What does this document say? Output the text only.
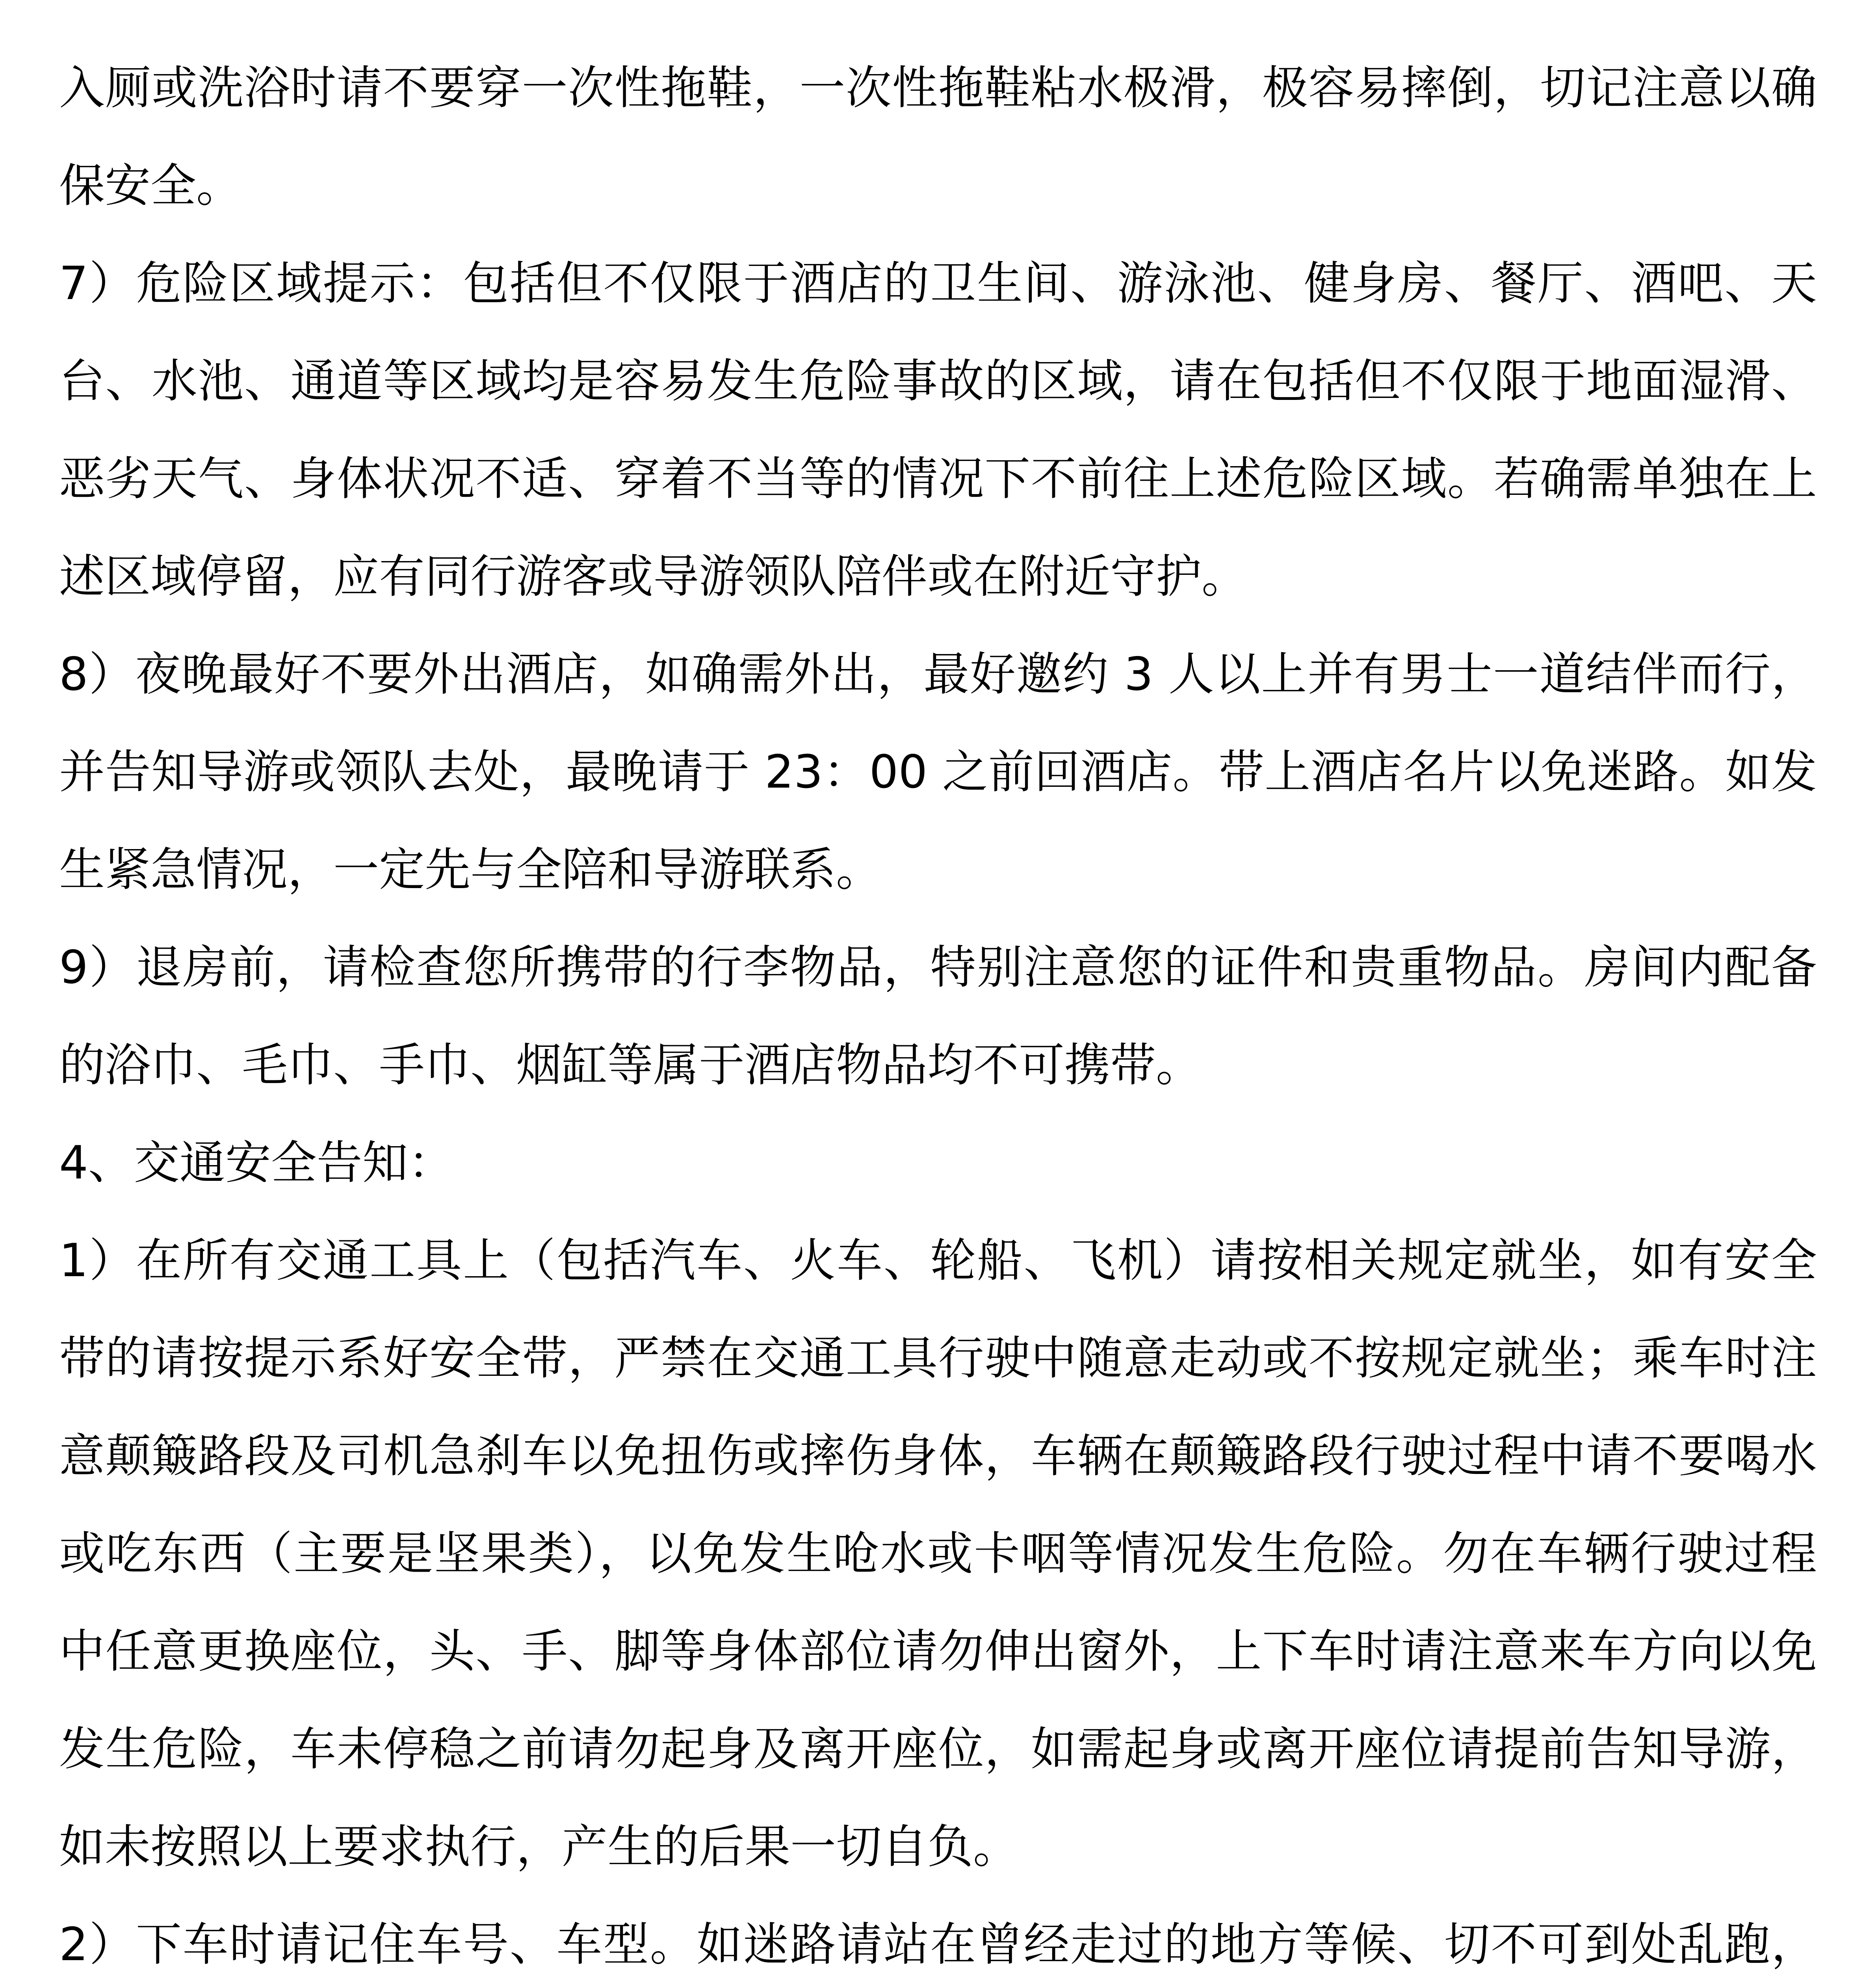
入厕或洗浴时请不要穿一次性拖鞋，一次性拖鞋粘水极滑，极容易摔倒，切记注意以确保安全。

7）危险区域提示：包括但不仅限于酒店的卫生间、游泳池、健身房、餐厅、酒吧、天台、水池、通道等区域均是容易发生危险事故的区域，请在包括但不仅限于地面湿滑、恶劣天气、身体状况不适、穿着不当等的情况下不前往上述危险区域。若确需单独在上述区域停留，应有同行游客或导游领队陪伴或在附近守护。

8）夜晚最好不要外出酒店，如确需外出，最好邀约 3 人以上并有男士一道结伴而行，并告知导游或领队去处，最晚请于 23：00 之前回酒店。带上酒店名片以免迷路。如发生紧急情况，一定先与全陪和导游联系。

9）退房前，请检查您所携带的行李物品，特别注意您的证件和贵重物品。房间内配备的浴巾、毛巾、手巾、烟缸等属于酒店物品均不可携带。

4、交通安全告知：

1）在所有交通工具上（包括汽车、火车、轮船、飞机）请按相关规定就坐，如有安全带的请按提示系好安全带，严禁在交通工具行驶中随意走动或不按规定就坐；乘车时注意颠簸路段及司机急刹车以免扭伤或摔伤身体，车辆在颠簸路段行驶过程中请不要喝水或吃东西（主要是坚果类），以免发生呛水或卡咽等情况发生危险。勿在车辆行驶过程中任意更换座位，头、手、脚等身体部位请勿伸出窗外，上下车时请注意来车方向以免发生危险，车未停稳之前请勿起身及离开座位，如需起身或离开座位请提前告知导游，如未按照以上要求执行，产生的后果一切自负。

2）下车时请记住车号、车型。如迷路请站在曾经走过的地方等候、切不可到处乱跑，
